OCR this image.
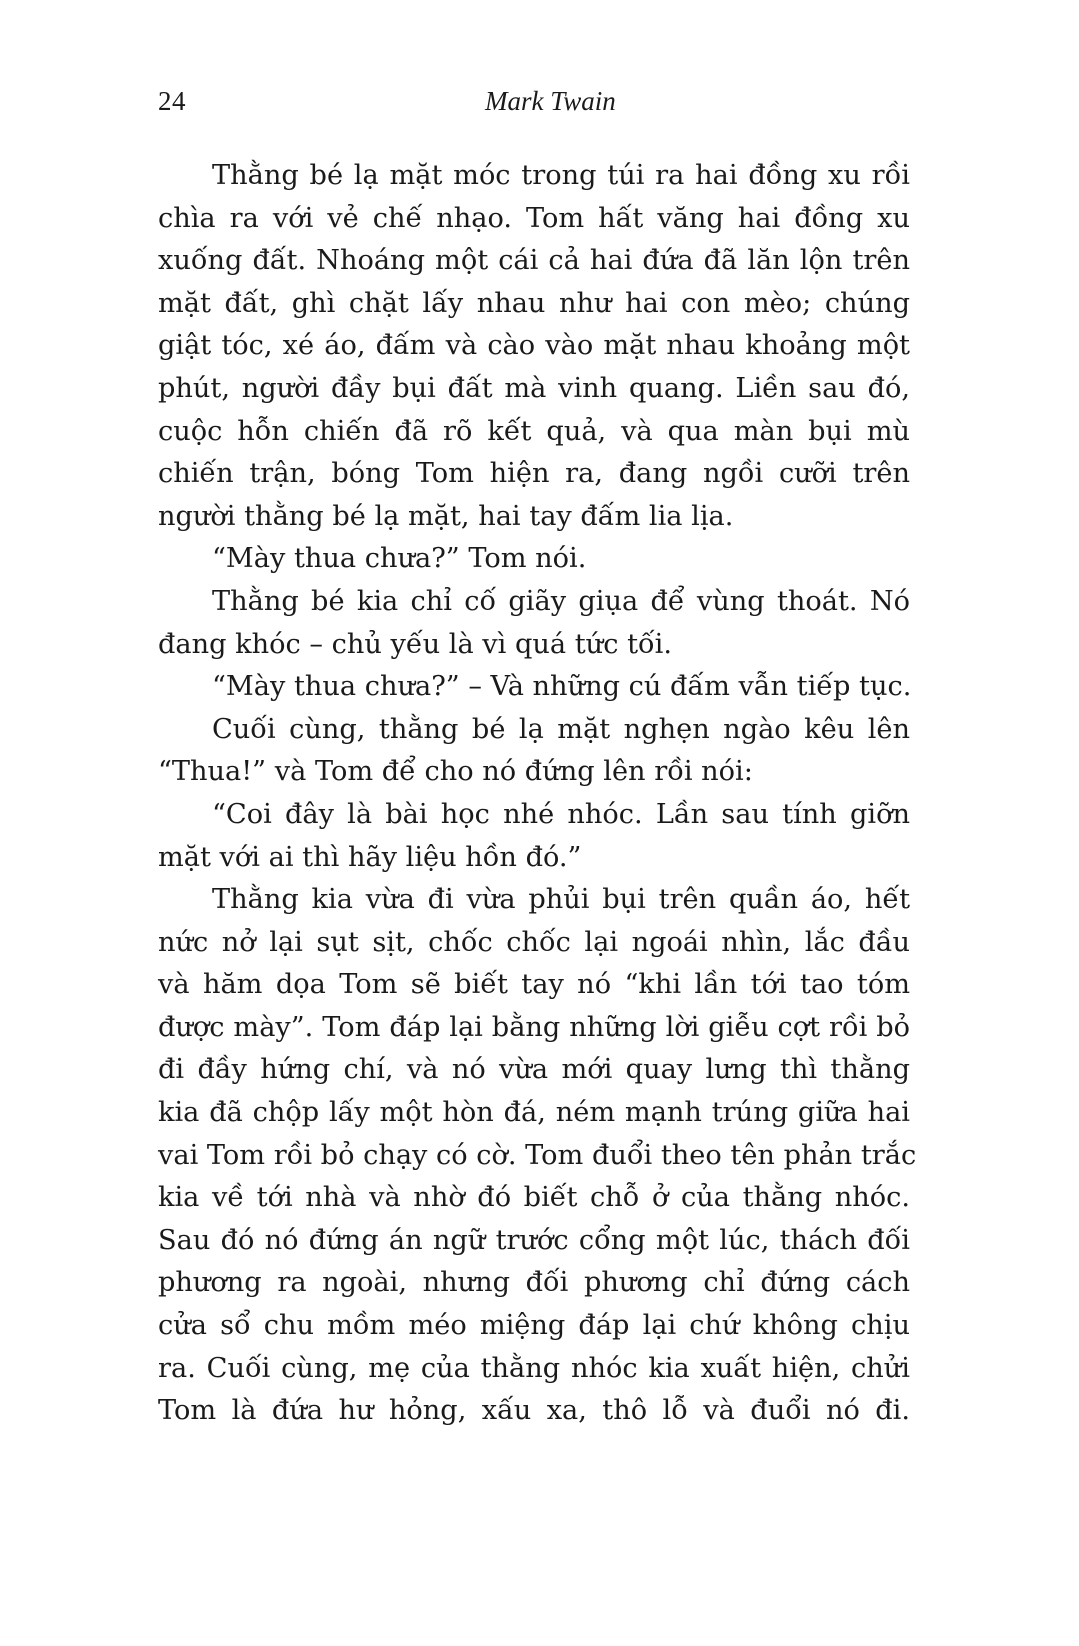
24	Mark Twain
Thằng bé lạ mặt móc trong túi ra hai đồng xu rồi
chìa ra với vẻ chế nhạo. Tom hất văng hai đồng xu
xuống đất. Nhoáng một cái cả hai đứa đã lăn lộn trên
mặt đất, ghì chặt lấy nhau như hai con mèo; chúng
giật tóc, xé áo, đấm và cào vào mặt nhau khoảng một
phút, người đầy bụi đất mà vinh quang. Liền sau đó,
cuộc hỗn chiến đã rõ kết quả, và qua màn bụi mù
chiến trận, bóng Tom hiện ra, đang ngồi cưỡi trên
người thằng bé lạ mặt, hai tay đấm lia lịa.
“Mày thua chưa?” Tom nói.
Thằng bé kia chỉ cố giãy giụa để vùng thoát. Nó
đang khóc – chủ yếu là vì quá tức tối.
“Mày thua chưa?” – Và những cú đấm vẫn tiếp tục.
Cuối cùng, thằng bé lạ mặt nghẹn ngào kêu lên
“Thua!” và Tom để cho nó đứng lên rồi nói:
“Coi đây là bài học nhé nhóc. Lần sau tính giỡn
mặt với ai thì hãy liệu hồn đó.”
Thằng kia vừa đi vừa phủi bụi trên quần áo, hết
nức nở lại sụt sịt, chốc chốc lại ngoái nhìn, lắc đầu
và hăm dọa Tom sẽ biết tay nó “khi lần tới tao tóm
được mày”. Tom đáp lại bằng những lời giễu cợt rồi bỏ
đi đầy hứng chí, và nó vừa mới quay lưng thì thằng
kia đã chộp lấy một hòn đá, ném mạnh trúng giữa hai
vai Tom rồi bỏ chạy có cờ. Tom đuổi theo tên phản trắc
kia về tới nhà và nhờ đó biết chỗ ở của thằng nhóc.
Sau đó nó đứng án ngữ trước cổng một lúc, thách đối
phương ra ngoài, nhưng đối phương chỉ đứng cách
cửa sổ chu mồm méo miệng đáp lại chứ không chịu
ra. Cuối cùng, mẹ của thằng nhóc kia xuất hiện, chửi
Tom là đứa hư hỏng, xấu xa, thô lỗ và đuổi nó đi.
